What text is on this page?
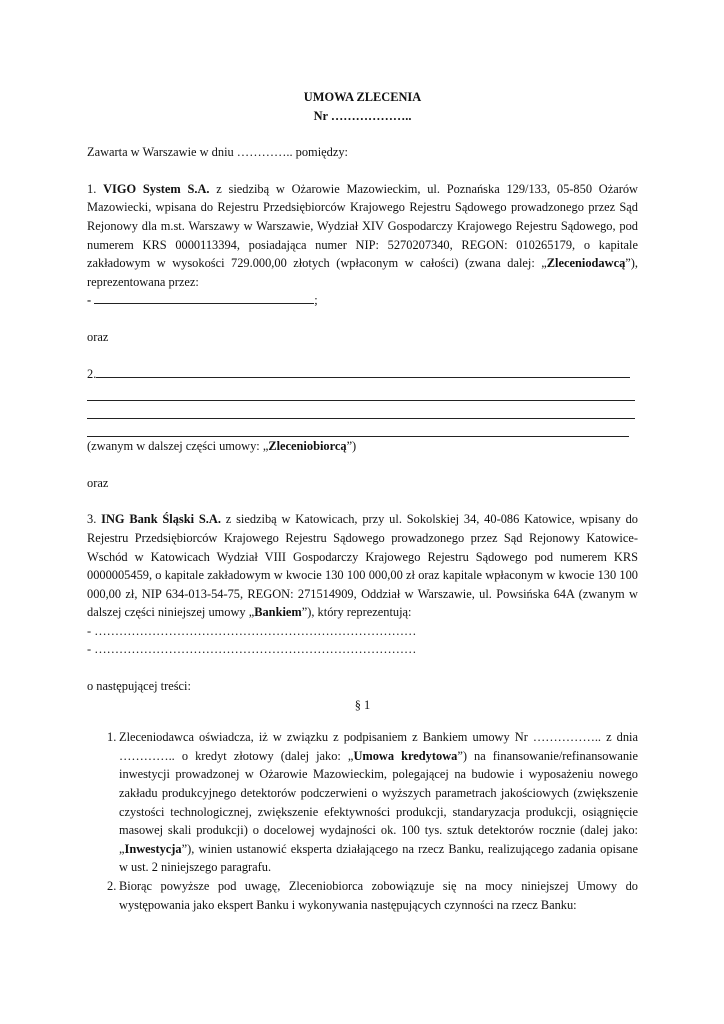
UMOWA ZLECENIA

Nr ………………..

Zawarta w Warszawie w dniu ………….. pomiędzy:

1. VIGO System S.A. z siedzibą w Ożarowie Mazowieckim, ul. Poznańska 129/133, 05-850 Ożarów Mazowiecki, wpisana do Rejestru Przedsiębiorców Krajowego Rejestru Sądowego prowadzonego przez Sąd Rejonowy dla m.st. Warszawy w Warszawie, Wydział XIV Gospodarczy Krajowego Rejestru Sądowego, pod numerem KRS 0000113394, posiadająca numer NIP: 5270207340, REGON: 010265179, o kapitale zakładowym w wysokości 729.000,00 złotych (wpłaconym w całości) (zwana dalej: „Zleceniodawcą”), reprezentowana przez:

-	;

oraz

2.

(zwanym w dalszej części umowy: „Zleceniobiorcą”)

oraz

3. ING Bank Śląski S.A. z siedzibą w Katowicach, przy ul. Sokolskiej 34, 40-086 Katowice, wpisany do Rejestru Przedsiębiorców Krajowego Rejestru Sądowego prowadzonego przez Sąd Rejonowy Katowice-Wschód w Katowicach Wydział VIII Gospodarczy Krajowego Rejestru Sądowego pod numerem KRS 0000005459, o kapitale zakładowym w kwocie 130 100 000,00 zł oraz kapitale wpłaconym w kwocie 130 100 000,00 zł, NIP 634-013-54-75, REGON: 271514909, Oddział w Warszawie, ul. Powsińska 64A (zwanym w dalszej części niniejszej umowy „Bankiem”), który reprezentują:

- ……………………………………………………………………

- ……………………………………………………………………

o następującej treści:

§ 1

1. Zleceniodawca oświadcza, iż w związku z podpisaniem z Bankiem umowy Nr …………….. z dnia ………….. o kredyt złotowy (dalej jako: „Umowa kredytowa”) na finansowanie/refinansowanie inwestycji prowadzonej w Ożarowie Mazowieckim, polegającej na budowie i wyposażeniu nowego zakładu produkcyjnego detektorów podczerwieni o wyższych parametrach jakościowych (zwiększenie czystości technologicznej, zwiększenie efektywności produkcji, standaryzacja produkcji, osiągnięcie masowej skali produkcji) o docelowej wydajności ok. 100 tys. sztuk detektorów rocznie (dalej jako: „Inwestycja”), winien ustanowić eksperta działającego na rzecz Banku, realizującego zadania opisane w ust. 2 niniejszego paragrafu.
2. Biorąc powyższe pod uwagę, Zleceniobiorca zobowiązuje się na mocy niniejszej Umowy do występowania jako ekspert Banku i wykonywania następujących czynności na rzecz Banku:
